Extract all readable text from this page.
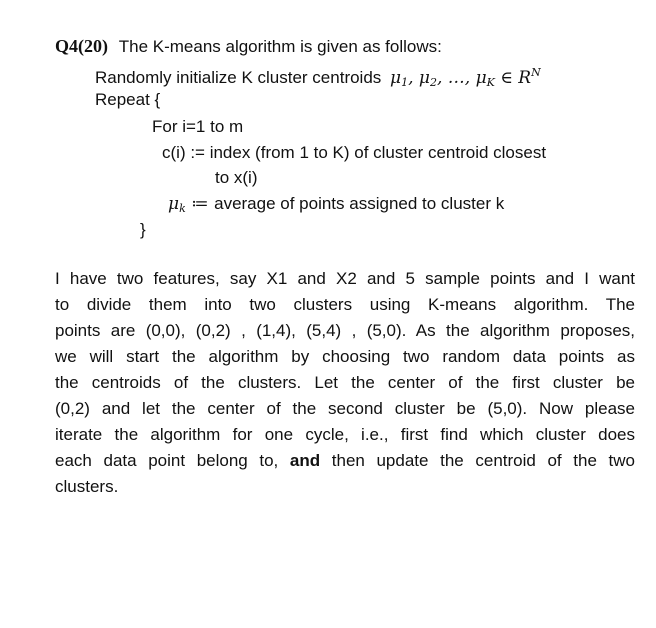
Q4(20) The K-means algorithm is given as follows:
Randomly initialize K cluster centroids $\mu_1$, $\mu_2$, …, $\mu_K$ ∈ $R^N$
Repeat {
For i=1 to m
c(i) := index (from 1 to K) of cluster centroid closest
to x(i)
$\mu_k$ ≔ average of points assigned to cluster k
}
I have two features, say X1 and X2 and 5 sample points and I want
to divide them into two clusters using K-means algorithm. The
points are (0,0), (0,2) , (1,4), (5,4) , (5,0). As the algorithm proposes,
we will start the algorithm by choosing two random data points as
the centroids of the clusters. Let the center of the first cluster be
(0,2) and let the center of the second cluster be (5,0). Now please
iterate the algorithm for one cycle, i.e., first find which cluster does
each data point belong to, and then update the centroid of the two
clusters.
